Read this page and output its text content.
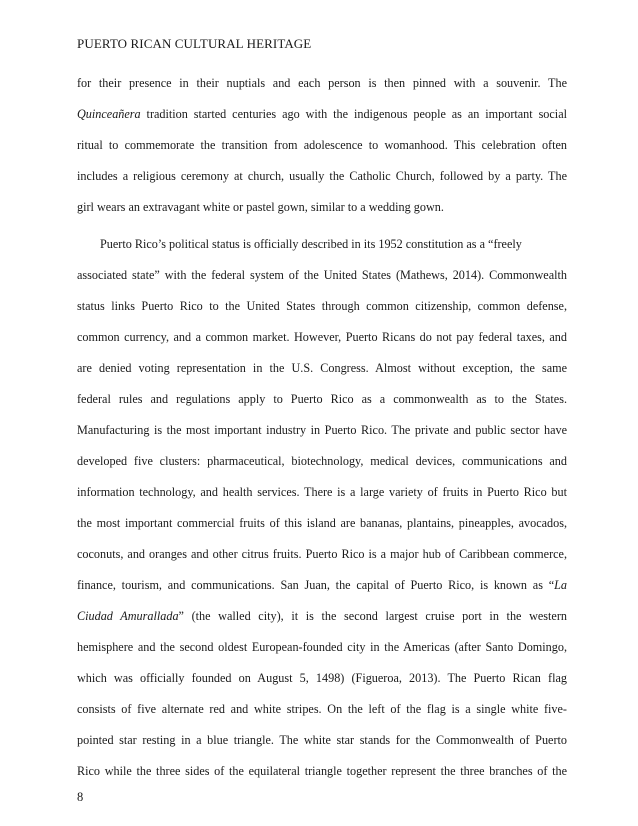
PUERTO RICAN CULTURAL HERITAGE
for their presence in their nuptials and each person is then pinned with a souvenir. The
Quinceañera tradition started centuries ago with the indigenous people as an important social
ritual to commemorate the transition from adolescence to womanhood. This celebration often
includes a religious ceremony at church, usually the Catholic Church, followed by a party. The
girl wears an extravagant white or pastel gown, similar to a wedding gown.
Puerto Rico’s political status is officially described in its 1952 constitution as a “freely
associated state” with the federal system of the United States (Mathews, 2014). Commonwealth
status links Puerto Rico to the United States through common citizenship, common defense,
common currency, and a common market. However, Puerto Ricans do not pay federal taxes, and
are denied voting representation in the U.S. Congress. Almost without exception, the same
federal rules and regulations apply to Puerto Rico as a commonwealth as to the States.
Manufacturing is the most important industry in Puerto Rico. The private and public sector have
developed five clusters: pharmaceutical, biotechnology, medical devices, communications and
information technology, and health services. There is a large variety of fruits in Puerto Rico but
the most important commercial fruits of this island are bananas, plantains, pineapples, avocados,
coconuts, and oranges and other citrus fruits. Puerto Rico is a major hub of Caribbean commerce,
finance, tourism, and communications. San Juan, the capital of Puerto Rico, is known as “La
Ciudad Amurallada” (the walled city), it is the second largest cruise port in the western
hemisphere and the second oldest European-founded city in the Americas (after Santo Domingo,
which was officially founded on August 5, 1498) (Figueroa, 2013). The Puerto Rican flag
consists of five alternate red and white stripes. On the left of the flag is a single white five-
pointed star resting in a blue triangle. The white star stands for the Commonwealth of Puerto
Rico while the three sides of the equilateral triangle together represent the three branches of the
8
